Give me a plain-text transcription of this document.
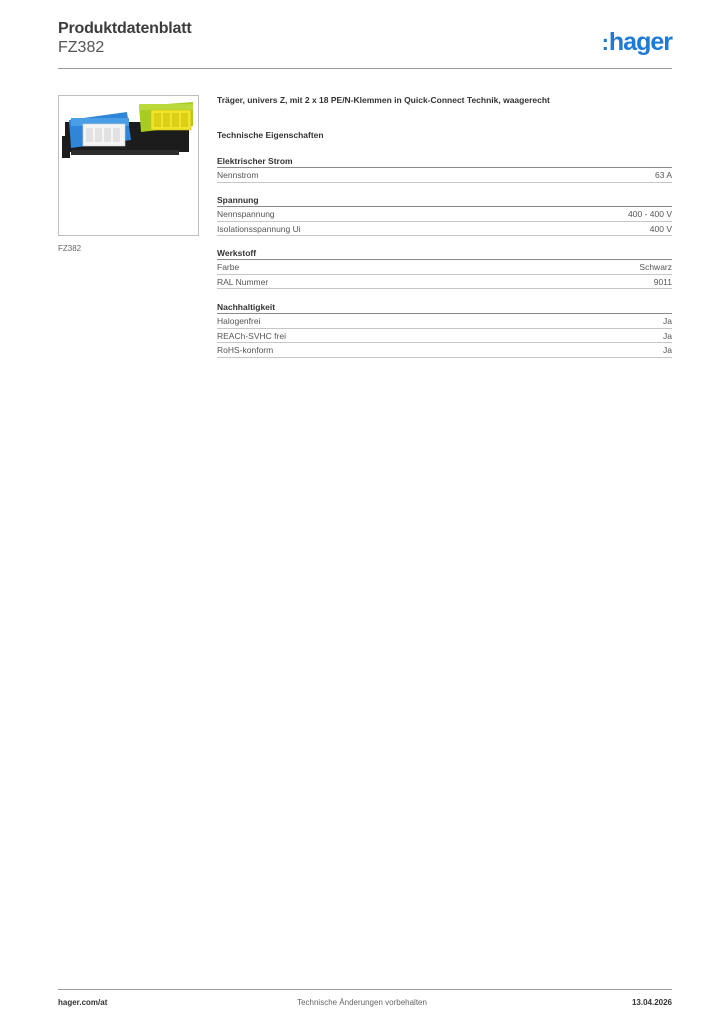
Produktdatenblatt
FZ382	:hager
FZ382
Träger, univers Z, mit 2 x 18 PE/N-Klemmen in Quick-Connect Technik, waagerecht
Technische Eigenschaften
Elektrischer Strom
Nennstrom	63 A
Spannung
Nennspannung	400 - 400 V
Isolationsspannung Ui	400 V
Werkstoff
Farbe	Schwarz
RAL Nummer	9011
Nachhaltigkeit
Halogenfrei	Ja
REACh-SVHC frei	Ja
RoHS-konform	Ja
hager.com/at	Technische Änderungen vorbehalten	13.04.2026
